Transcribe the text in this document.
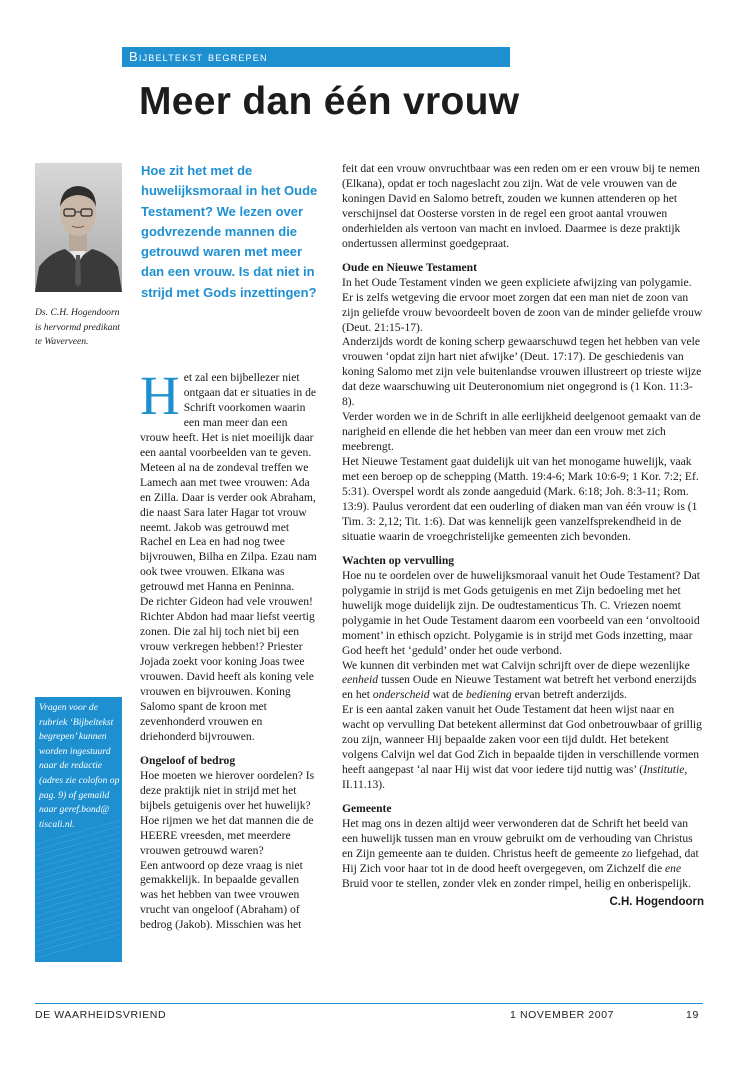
Bijbeltekst begrepen
Meer dan één vrouw
Ds. C.H. Hogendoorn is hervormd predikant te Waverveen.
Hoe zit het met de huwelijksmoraal in het Oude Testament? We lezen over godvrezende mannen die getrouwd waren met meer dan een vrouw. Is dat niet in strijd met Gods inzettingen?
Vragen voor de rubriek ‘Bijbeltekst begrepen’ kunnen worden ingestuurd naar de redactie (adres zie colofon op pag. 9) of gemaild naar geref.bond@ tiscali.nl.

Het zal een bijbellezer niet ontgaan dat er situaties in de Schrift voorkomen waarin een man meer dan een vrouw heeft. Het is niet moeilijk daar een aantal voorbeelden van te geven. Meteen al na de zondeval treffen we Lamech aan met twee vrouwen: Ada en Zilla. Daar is verder ook Abraham, die naast Sara later Hagar tot vrouw neemt. Jakob was getrouwd met Rachel en Lea en had nog twee bijvrouwen, Bilha en Zilpa. Ezau nam ook twee vrouwen. Elkana was getrouwd met Hanna en Peninna.

De richter Gideon had vele vrouwen! Richter Abdon had maar liefst veertig zonen. Die zal hij toch niet bij een vrouw verkregen hebben!? Priester Jojada zoekt voor koning Joas twee vrouwen. David heeft als koning vele vrouwen en bijvrouwen. Koning Salomo spant de kroon met zevenhonderd vrouwen en driehonderd bijvrouwen.

Ongeloof of bedrog

Hoe moeten we hierover oordelen? Is deze praktijk niet in strijd met het bijbels getuigenis over het huwelijk? Hoe rijmen we het dat mannen die de HEERE vreesden, met meerdere vrouwen getrouwd waren?

Een antwoord op deze vraag is niet gemakkelijk. In bepaalde gevallen was het hebben van twee vrouwen vrucht van ongeloof (Abraham) of bedrog (Jakob). Misschien was het

feit dat een vrouw onvruchtbaar was een reden om er een vrouw bij te nemen (Elkana), opdat er toch nageslacht zou zijn. Wat de vele vrouwen van de koningen David en Salomo betreft, zouden we kunnen attenderen op het verschijnsel dat Oosterse vorsten in de regel een groot aantal vrouwen onderhielden als vertoon van macht en invloed. Daarmee is deze praktijk ondertussen allerminst goedgepraat.

Oude en Nieuwe Testament

In het Oude Testament vinden we geen expliciete afwijzing van polygamie. Er is zelfs wetgeving die ervoor moet zorgen dat een man niet de zoon van zijn geliefde vrouw bevoordeelt boven de zoon van de minder geliefde vrouw (Deut. 21:15-17).

Anderzijds wordt de koning scherp gewaarschuwd tegen het hebben van vele vrouwen ‘opdat zijn hart niet afwijke’ (Deut. 17:17). De geschiedenis van koning Salomo met zijn vele buitenlandse vrouwen illustreert op trieste wijze dat deze waarschuwing uit Deuteronomium niet ongegrond is (1 Kon. 11:3-8).

Verder worden we in de Schrift in alle eerlijkheid deelgenoot gemaakt van de narigheid en ellende die het hebben van meer dan een vrouw met zich meebrengt.

Het Nieuwe Testament gaat duidelijk uit van het monogame huwelijk, vaak met een beroep op de schepping (Matth. 19:4-6; Mark 10:6-9; 1 Kor. 7:2; Ef. 5:31). Overspel wordt als zonde aangeduid (Mark. 6:18; Joh. 8:3-11; Rom. 13:9). Paulus verordent dat een ouderling of diaken man van één vrouw is (1 Tim. 3: 2,12; Tit. 1:6). Dat was kennelijk geen vanzelfsprekendheid in de situatie waarin de vroegchristelijke gemeenten zich bevonden.

Wachten op vervulling

Hoe nu te oordelen over de huwelijksmoraal vanuit het Oude Testament? Dat polygamie in strijd is met Gods getuigenis en met Zijn bedoeling met het huwelijk moge duidelijk zijn. De oudtestamenticus Th. C. Vriezen noemt polygamie in het Oude Testament daarom een voorbeeld van een ‘onvoltooid moment’ in ethisch opzicht. Polygamie is in strijd met Gods inzetting, maar God heeft het ‘geduld’ onder het oude verbond.

We kunnen dit verbinden met wat Calvijn schrijft over de diepe wezenlijke eenheid tussen Oude en Nieuwe Testament wat betreft het verbond enerzijds en het onderscheid wat de bediening ervan betreft anderzijds.

Er is een aantal zaken vanuit het Oude Testament dat heen wijst naar en wacht op vervulling Dat betekent allerminst dat God onbetrouwbaar of grillig zou zijn, wanneer Hij bepaalde zaken voor een tijd duldt. Het betekent volgens Calvijn wel dat God Zich in bepaalde tijden in verschillende vormen heeft aangepast ‘al naar Hij wist dat voor iedere tijd nuttig was’ (Institutie, II.11.13).

Gemeente

Het mag ons in dezen altijd weer verwonderen dat de Schrift het beeld van een huwelijk tussen man en vrouw gebruikt om de verhouding van Christus en Zijn gemeente aan te duiden. Christus heeft de gemeente zo liefgehad, dat Hij Zich voor haar tot in de dood heeft overgegeven, om Zichzelf die ene Bruid voor te stellen, zonder vlek en zonder rimpel, heilig en onberispelijk.

C.H. Hogendoorn

DE WAARHEIDSVRIEND	1 NOVEMBER 2007	19
